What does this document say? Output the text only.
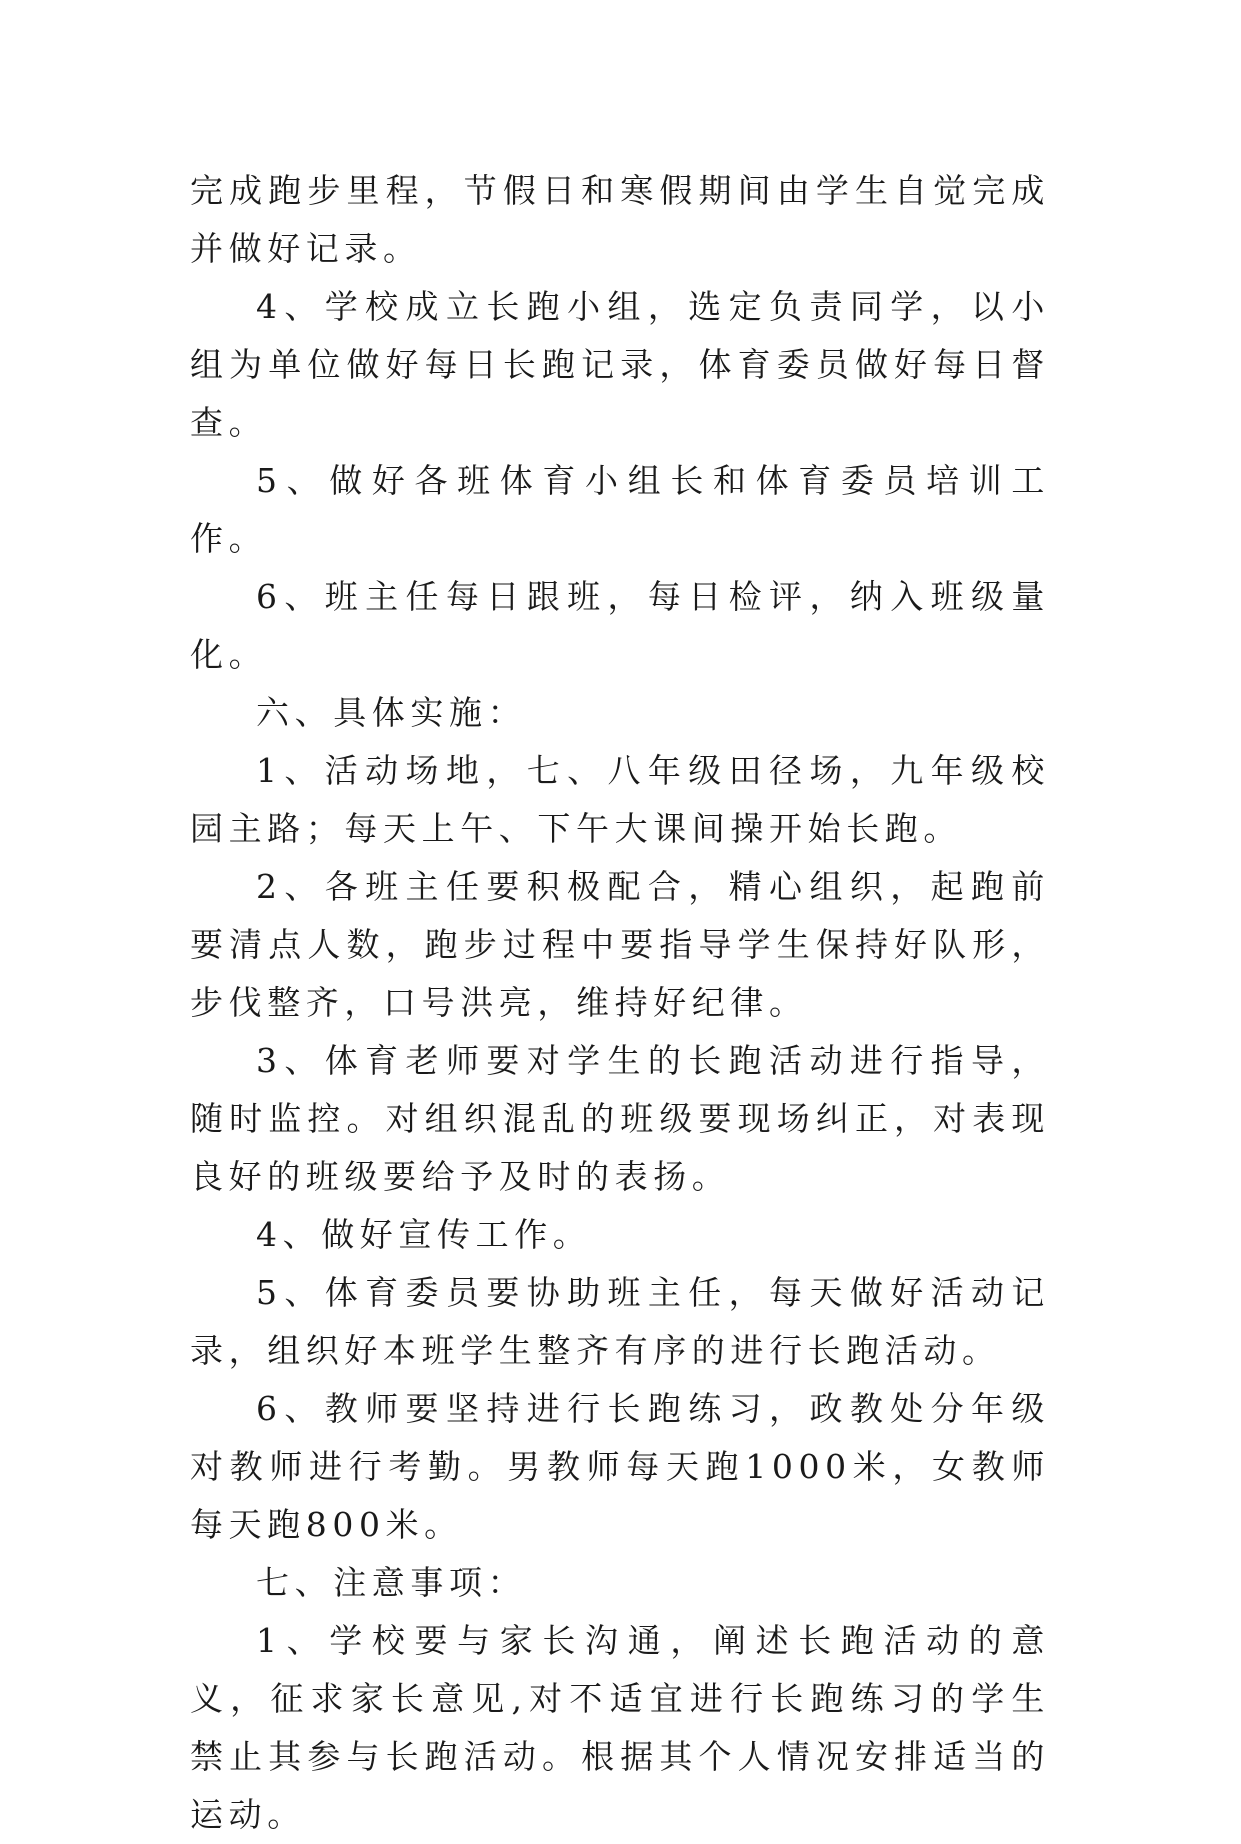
完成跑步里程，节假日和寒假期间由学生自觉完成并做好记录。

4、学校成立长跑小组，选定负责同学，以小组为单位做好每日长跑记录，体育委员做好每日督查。

5、做好各班体育小组长和体育委员培训工作。

6、班主任每日跟班，每日检评，纳入班级量化。

六、具体实施：

1、活动场地，七、八年级田径场，九年级校园主路；每天上午、下午大课间操开始长跑。

2、各班主任要积极配合，精心组织，起跑前要清点人数，跑步过程中要指导学生保持好队形，步伐整齐，口号洪亮，维持好纪律。

3、体育老师要对学生的长跑活动进行指导，随时监控。对组织混乱的班级要现场纠正，对表现良好的班级要给予及时的表扬。

4、做好宣传工作。

5、体育委员要协助班主任，每天做好活动记录，组织好本班学生整齐有序的进行长跑活动。

6、教师要坚持进行长跑练习，政教处分年级对教师进行考勤。男教师每天跑1000米，女教师每天跑800米。

七、注意事项：

1、学校要与家长沟通，阐述长跑活动的意义，征求家长意见,对不适宜进行长跑练习的学生禁止其参与长跑活动。根据其个人情况安排适当的运动。
